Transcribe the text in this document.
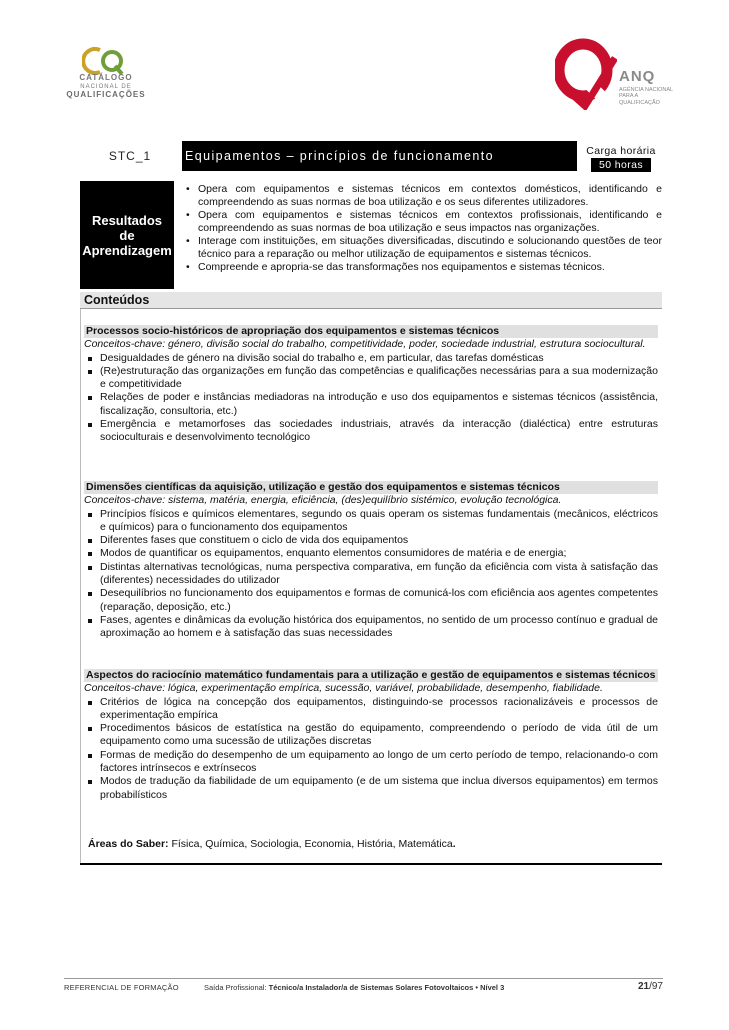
CATÁLOGO
NACIONAL DE
QUALIFICAÇÕES
ANQ
AGÊNCIA NACIONAL
PARA A QUALIFICAÇÃO
STC_1	Equipamentos – princípios de funcionamento	Carga horária
50 horas
Resultados
de
Aprendizagem
• Opera com equipamentos e sistemas técnicos em contextos domésticos, identificando e compreendendo as suas normas de boa utilização e os seus diferentes utilizadores.
• Opera com equipamentos e sistemas técnicos em contextos profissionais, identificando e compreendendo as suas normas de boa utilização e seus impactos nas organizações.
• Interage com instituições, em situações diversificadas, discutindo e solucionando questões de teor técnico para a reparação ou melhor utilização de equipamentos e sistemas técnicos.
• Compreende e apropria-se das transformações nos equipamentos e sistemas técnicos.
Conteúdos
Processos socio-históricos de apropriação dos equipamentos e sistemas técnicos
Conceitos-chave: género, divisão social do trabalho, competitividade, poder, sociedade industrial, estrutura sociocultural.
Desigualdades de género na divisão social do trabalho e, em particular, das tarefas domésticas
(Re)estruturação das organizações em função das competências e qualificações necessárias para a sua modernização e competitividade
Relações de poder e instâncias mediadoras na introdução e uso dos equipamentos e sistemas técnicos (assistência, fiscalização, consultoria, etc.)
Emergência e metamorfoses das sociedades industriais, através da interacção (dialéctica) entre estruturas socioculturais e desenvolvimento tecnológico
Dimensões científicas da aquisição, utilização e gestão dos equipamentos e sistemas técnicos
Conceitos-chave: sistema, matéria, energia, eficiência, (des)equilíbrio sistémico, evolução tecnológica.
Princípios físicos e químicos elementares, segundo os quais operam os sistemas fundamentais (mecânicos, eléctricos e químicos) para o funcionamento dos equipamentos
Diferentes fases que constituem o ciclo de vida dos equipamentos
Modos de quantificar os equipamentos, enquanto elementos consumidores de matéria e de energia;
Distintas alternativas tecnológicas, numa perspectiva comparativa, em função da eficiência com vista à satisfação das (diferentes) necessidades do utilizador
Desequilíbrios no funcionamento dos equipamentos e formas de comunicá-los com eficiência aos agentes competentes (reparação, deposição, etc.)
Fases, agentes e dinâmicas da evolução histórica dos equipamentos, no sentido de um processo contínuo e gradual de aproximação ao homem e à satisfação das suas necessidades
Aspectos do raciocínio matemático fundamentais para a utilização e gestão de equipamentos e sistemas técnicos
Conceitos-chave: lógica, experimentação empírica, sucessão, variável, probabilidade, desempenho, fiabilidade.
Critérios de lógica na concepção dos equipamentos, distinguindo-se processos racionalizáveis e processos de experimentação empírica
Procedimentos básicos de estatística na gestão do equipamento, compreendendo o período de vida útil de um equipamento como uma sucessão de utilizações discretas
Formas de medição do desempenho de um equipamento ao longo de um certo período de tempo, relacionando-o com factores intrínsecos e extrínsecos
Modos de tradução da fiabilidade de um equipamento (e de um sistema que inclua diversos equipamentos) em termos probabilísticos
Áreas do Saber: Física, Química, Sociologia, Economia, História, Matemática.
REFERENCIAL DE FORMAÇÃO	Saída Profissional: Técnico/a Instalador/a de Sistemas Solares Fotovoltaicos • Nível 3	21/97
